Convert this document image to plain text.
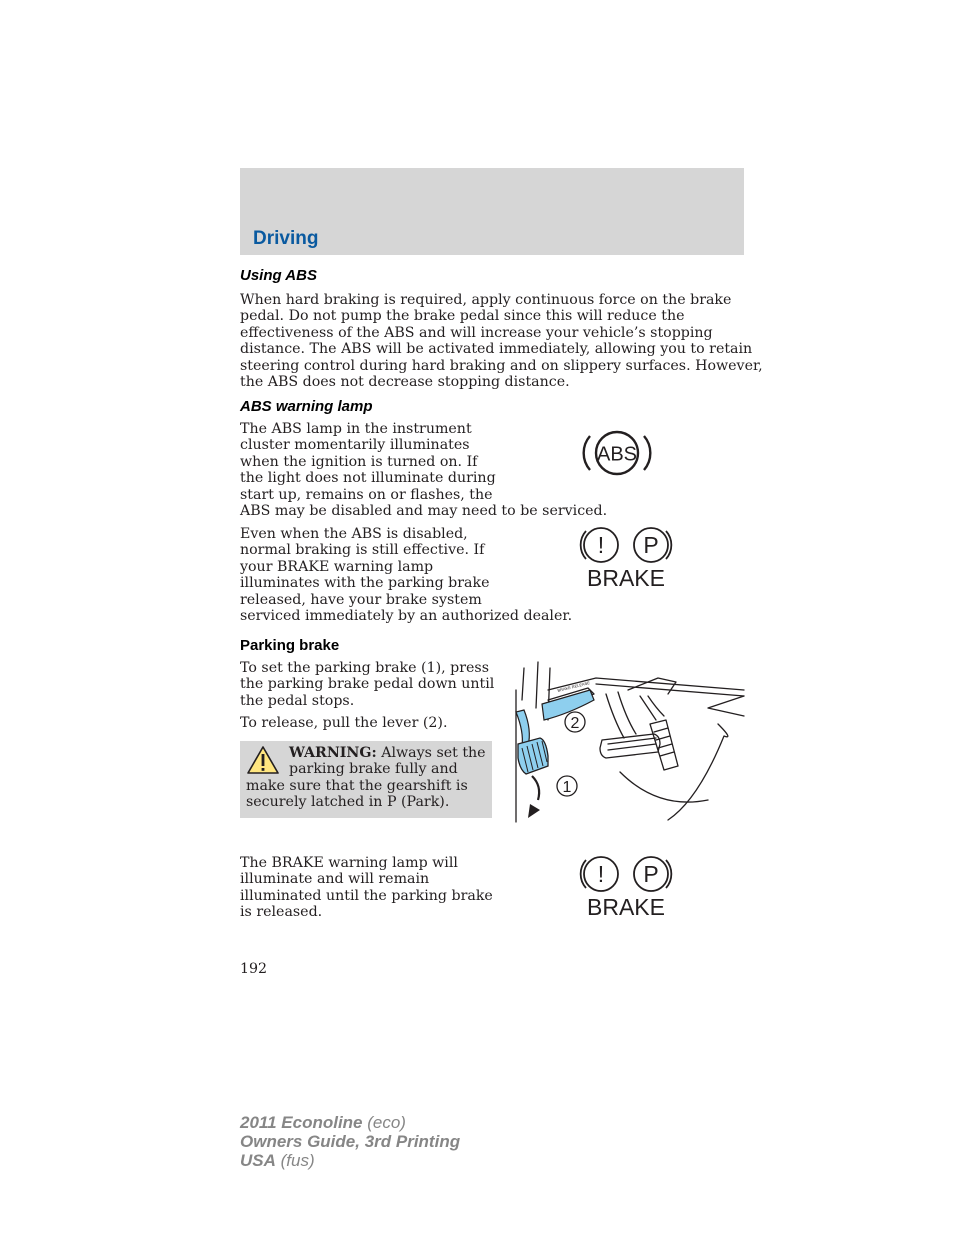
Driving
Using ABS
When hard braking is required, apply continuous force on the brake
pedal. Do not pump the brake pedal since this will reduce the
effectiveness of the ABS and will increase your vehicle’s stopping
distance. The ABS will be activated immediately, allowing you to retain
steering control during hard braking and on slippery surfaces. However,
the ABS does not decrease stopping distance.
ABS warning lamp
The ABS lamp in the instrument
cluster momentarily illuminates
when the ignition is turned on. If
the light does not illuminate during
start up, remains on or flashes, the
ABS may be disabled and may need to be serviced.
ABS
Even when the ABS is disabled,
normal braking is still effective. If
your BRAKE warning lamp
illuminates with the parking brake
released, have your brake system
serviced immediately by an authorized dealer.
! P
BRAKE
Parking brake
To set the parking brake (1), press
the parking brake pedal down until
the pedal stops.
To release, pull the lever (2).
WARNING: Always set the
parking brake fully and
make sure that the gearshift is
securely latched in P (Park).
BRAKE RELEASE
2
1
The BRAKE warning lamp will
illuminate and will remain
illuminated until the parking brake
is released.
! P
BRAKE
192
2011 Econoline (eco)
Owners Guide, 3rd Printing
USA (fus)
